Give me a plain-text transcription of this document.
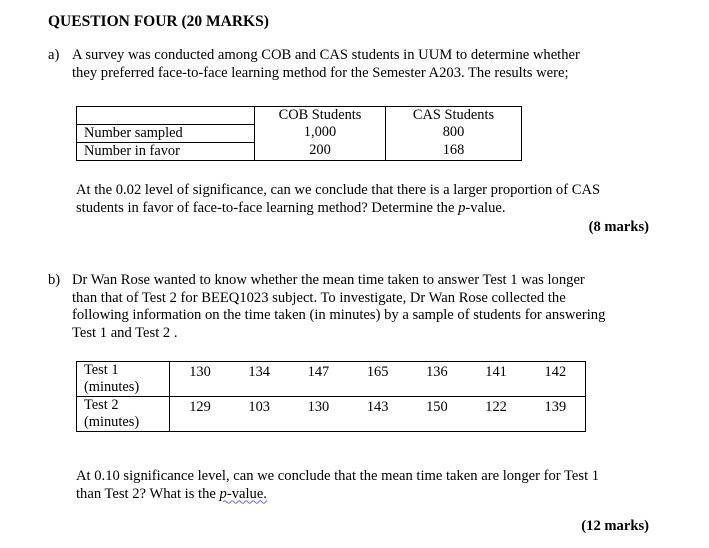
QUESTION FOUR (20 MARKS)
a) A survey was conducted among COB and CAS students in UUM to determine whether
they preferred face-to-face learning method for the Semester A203. The results were;
	COB Students	CAS Students
Number sampled	1,000	800
Number in favor	200	168
At the 0.02 level of significance, can we conclude that there is a larger proportion of CAS
students in favor of face-to-face learning method? Determine the p-value.
(8 marks)
b) Dr Wan Rose wanted to know whether the mean time taken to answer Test 1 was longer
than that of Test 2 for BEEQ1023 subject. To investigate, Dr Wan Rose collected the
following information on the time taken (in minutes) by a sample of students for answering
Test 1 and Test 2 .
Test 1
(minutes)	130	134	147	165	136	141	142
Test 2
(minutes)	129	103	130	143	150	122	139
At 0.10 significance level, can we conclude that the mean time taken are longer for Test 1
than Test 2? What is the p-value.
(12 marks)
